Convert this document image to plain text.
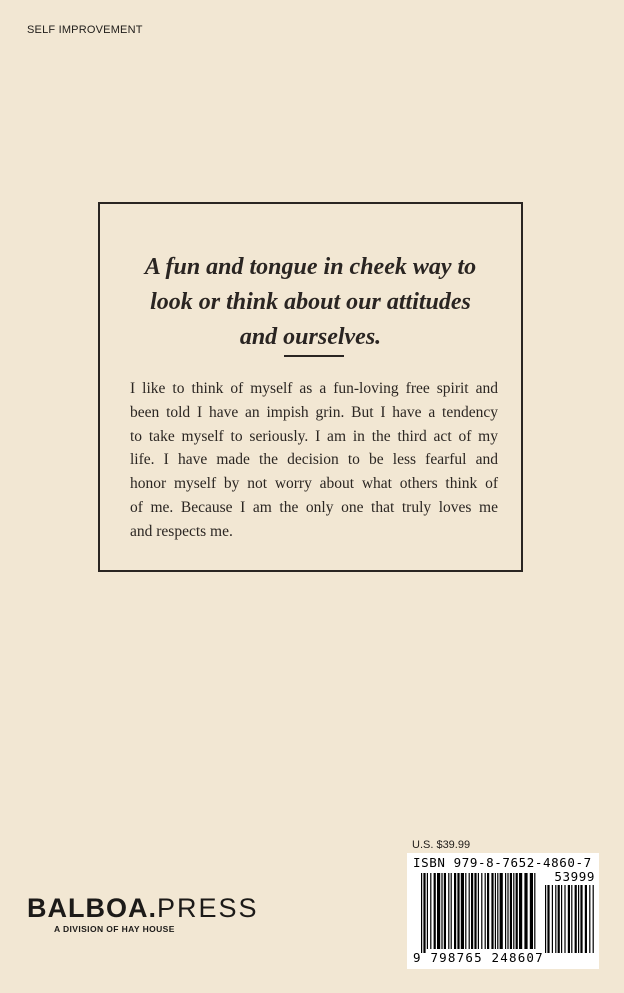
SELF IMPROVEMENT
A fun and tongue in cheek way to
look or think about our attitudes
and ourselves.
I like to think of myself as a fun-loving free spirit and
been told I have an impish grin. But I have a tendency
to take myself to seriously. I am in the third act of my
life. I have made the decision to be less fearful and
honor myself by not worry about what others think of
of me. Because I am the only one that truly loves me
and respects me.
BALBOA.PRESS
A DIVISION OF HAY HOUSE
U.S. $39.99
ISBN 979-8-7652-4860-7
53999
9 798765 248607
